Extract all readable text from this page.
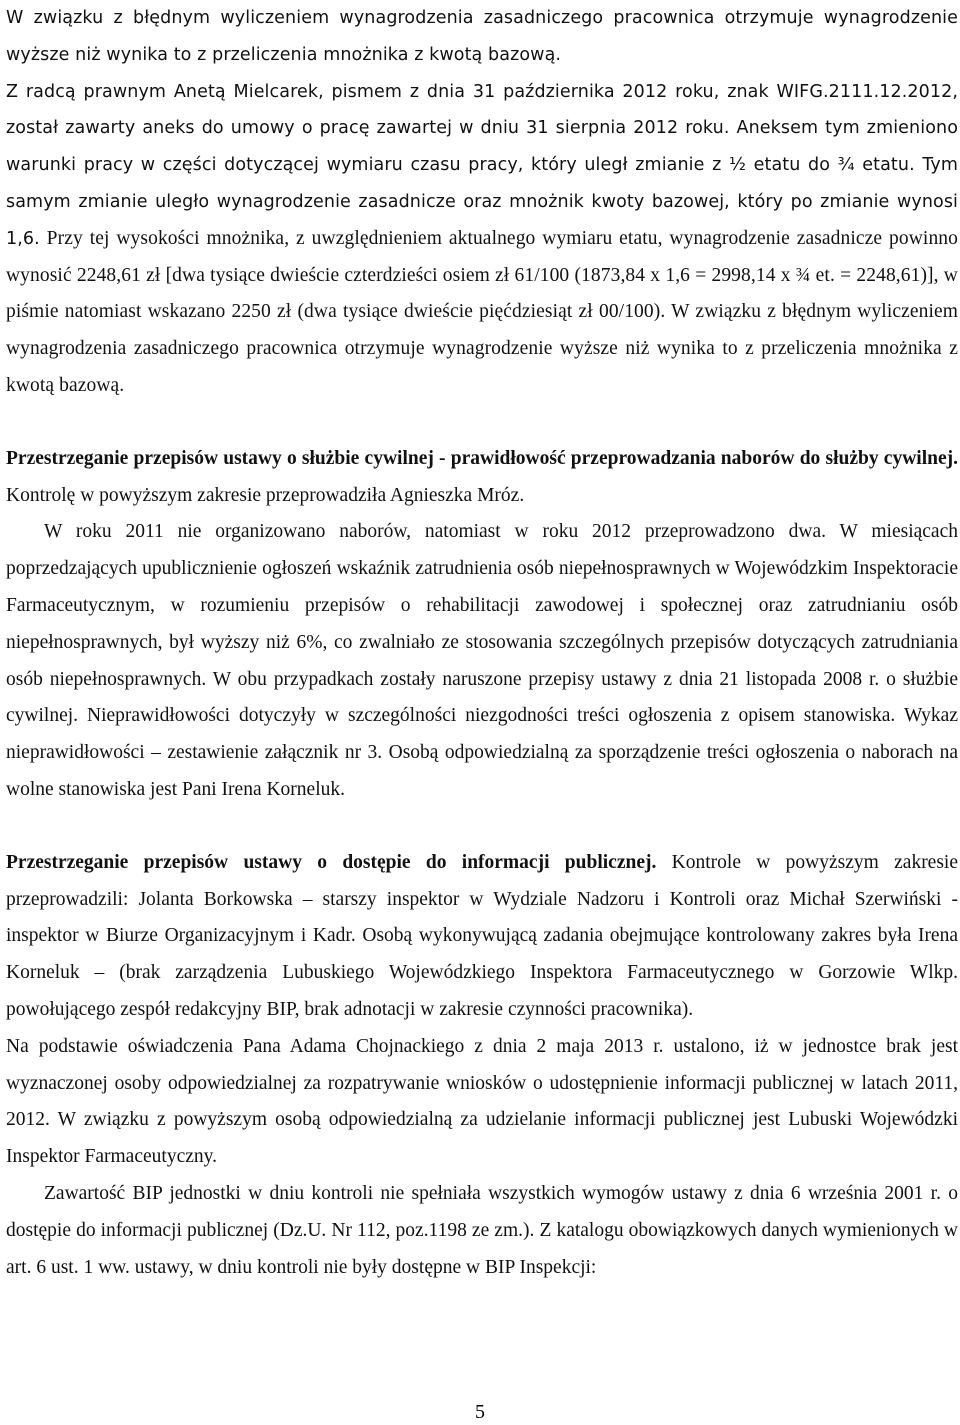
W związku z błędnym wyliczeniem wynagrodzenia zasadniczego pracownica otrzymuje wynagrodzenie wyższe niż wynika to z przeliczenia mnożnika z kwotą bazową.

Z radcą prawnym Anetą Mielcarek, pismem z dnia 31 października 2012 roku, znak WIFG.2111.12.2012, został zawarty aneks do umowy o pracę zawartej w dniu 31 sierpnia 2012 roku. Aneksem tym zmieniono warunki pracy w części dotyczącej wymiaru czasu pracy, który uległ zmianie z ½ etatu do ¾ etatu. Tym samym zmianie uległo wynagrodzenie zasadnicze oraz mnożnik kwoty bazowej, który po zmianie wynosi 1,6. Przy tej wysokości mnożnika, z uwzględnieniem aktualnego wymiaru etatu, wynagrodzenie zasadnicze powinno wynosić 2248,61 zł [dwa tysiące dwieście czterdzieści osiem zł 61/100 (1873,84 x 1,6 = 2998,14 x ¾ et. = 2248,61)], w piśmie natomiast wskazano 2250 zł (dwa tysiące dwieście pięćdziesiąt zł 00/100). W związku z błędnym wyliczeniem wynagrodzenia zasadniczego pracownica otrzymuje wynagrodzenie wyższe niż wynika to z przeliczenia mnożnika z kwotą bazową.

Przestrzeganie przepisów ustawy o służbie cywilnej - prawidłowość przeprowadzania naborów do służby cywilnej. Kontrolę w powyższym zakresie przeprowadziła Agnieszka Mróz.

W roku 2011 nie organizowano naborów, natomiast w roku 2012 przeprowadzono dwa. W miesiącach poprzedzających upublicznienie ogłoszeń wskaźnik zatrudnienia osób niepełnosprawnych w Wojewódzkim Inspektoracie Farmaceutycznym, w rozumieniu przepisów o rehabilitacji zawodowej i społecznej oraz zatrudnianiu osób niepełnosprawnych, był wyższy niż 6%, co zwalniało ze stosowania szczególnych przepisów dotyczących zatrudniania osób niepełnosprawnych. W obu przypadkach zostały naruszone przepisy ustawy z dnia 21 listopada 2008 r. o służbie cywilnej. Nieprawidłowości dotyczyły w szczególności niezgodności treści ogłoszenia z opisem stanowiska. Wykaz nieprawidłowości – zestawienie załącznik nr 3. Osobą odpowiedzialną za sporządzenie treści ogłoszenia o naborach na wolne stanowiska jest Pani Irena Korneluk.

Przestrzeganie przepisów ustawy o dostępie do informacji publicznej. Kontrole w powyższym zakresie przeprowadzili: Jolanta Borkowska – starszy inspektor w Wydziale Nadzoru i Kontroli oraz Michał Szerwiński - inspektor w Biurze Organizacyjnym i Kadr. Osobą wykonywującą zadania obejmujące kontrolowany zakres była Irena Korneluk – (brak zarządzenia Lubuskiego Wojewódzkiego Inspektora Farmaceutycznego w Gorzowie Wlkp. powołującego zespół redakcyjny BIP, brak adnotacji w zakresie czynności pracownika).

Na podstawie oświadczenia Pana Adama Chojnackiego z dnia 2 maja 2013 r. ustalono, iż w jednostce brak jest wyznaczonej osoby odpowiedzialnej za rozpatrywanie wniosków o udostępnienie informacji publicznej w latach 2011, 2012. W związku z powyższym osobą odpowiedzialną za udzielanie informacji publicznej jest Lubuski Wojewódzki Inspektor Farmaceutyczny.

Zawartość BIP jednostki w dniu kontroli nie spełniała wszystkich wymogów ustawy z dnia 6 września 2001 r. o dostępie do informacji publicznej (Dz.U. Nr 112, poz.1198 ze zm.). Z katalogu obowiązkowych danych wymienionych w art. 6 ust. 1 ww. ustawy, w dniu kontroli nie były dostępne w BIP Inspekcji:

5
